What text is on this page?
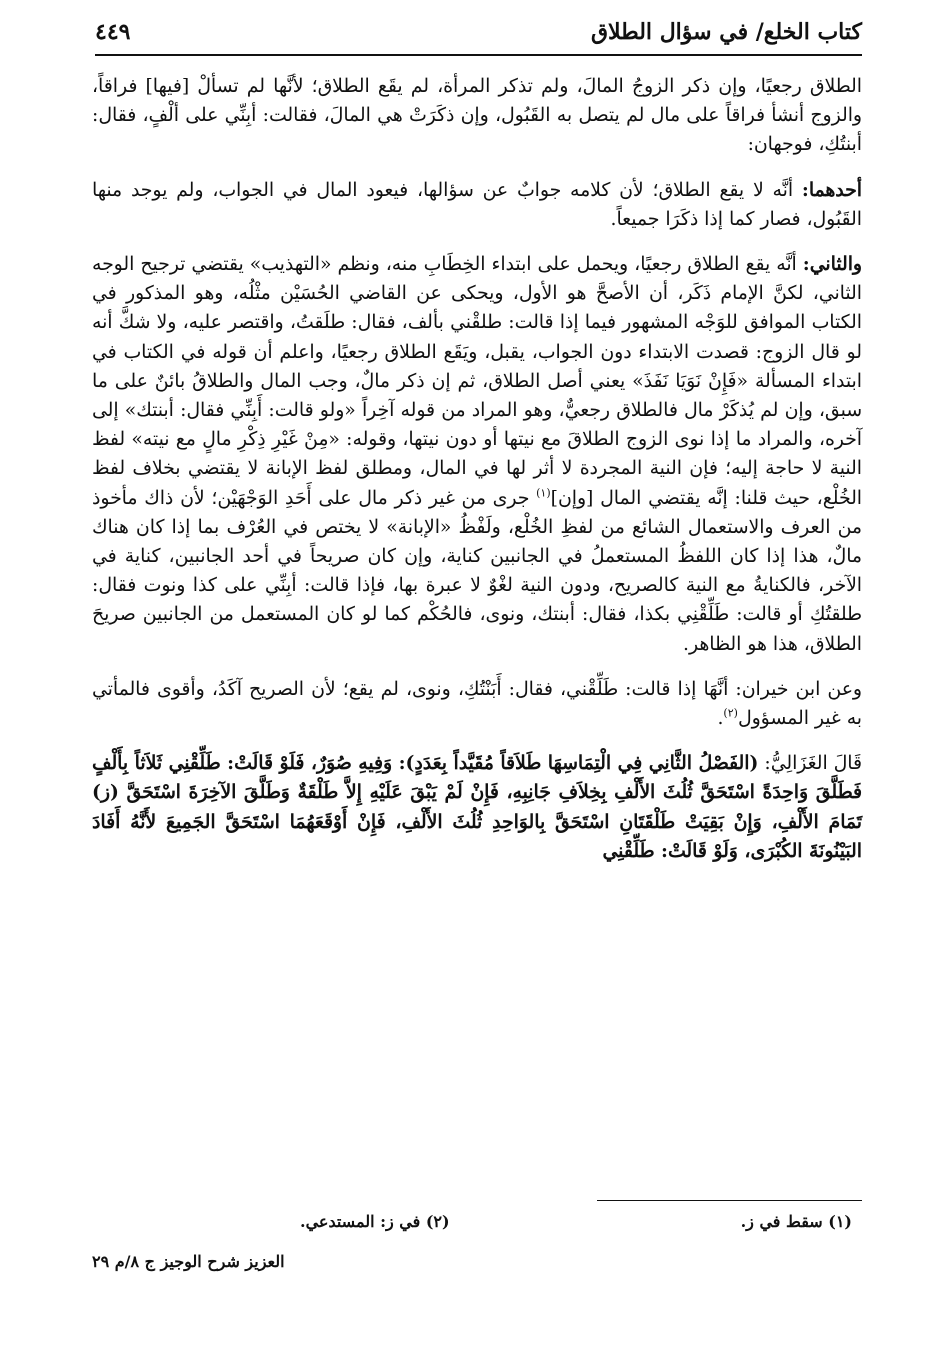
كتاب الخلع/ في سؤال الطلاق
٤٤٩

الطلاق رجعيًا، وإن ذكر الزوجُ المالَ، ولم تذكر المرأة، لم يقَع الطلاق؛ لأنَّها لم تسألْ [فيها] فراقاً، والزوج أنشأ فراقاً على مال لم يتصل به القَبُول، وإن ذكَرَتْ هي المالَ، فقالت: أبِنِّي على ألْفٍ، فقال: أبنتُكِ، فوجهان:

أحدهما: أنَّه لا يقع الطلاق؛ لأن كلامه جوابٌ عن سؤالها، فيعود المال في الجواب، ولم يوجد منها القَبُول، فصار كما إذا ذكَرَا جميعاً.

والثاني: أنَّه يقع الطلاق رجعيًا، ويحمل على ابتداء الخِطَابِ منه، ونظم «التهذيب» يقتضي ترجيح الوجه الثاني، لكنَّ الإمام ذَكَر، أن الأصحَّ هو الأول، ويحكى عن القاضي الحُسَيْن مثْلُه، وهو المذكور في الكتاب الموافق للوَجْه المشهور فيما إذا قالت: طلقْني بألف، فقال: طلَقتُ، واقتصر عليه، ولا شكَّ أنه لو قال الزوج: قصدت الابتداء دون الجواب، يقبل، ويَقَع الطلاق رجعيًا، واعلم أن قوله في الكتاب في ابتداء المسألة «فَإِنْ نَوَيَا نَفَذَ» يعني أصل الطلاق، ثم إن ذكر مالٌ، وجب المال والطلاقُ بائنٌ على ما سبق، وإن لم يُذكَرْ مال فالطلاق رجعيٌّ، وهو المراد من قوله آخِراً «ولو قالت: أَبِنِّي فقال: أبنتك» إلى آخره، والمراد ما إذا نوى الزوج الطلاقَ مع نيتها أو دون نيتها، وقوله: «مِنْ غَيْرِ ذِكْرِ مالٍ مع نيته» لفظ النية لا حاجة إليه؛ فإن النية المجردة لا أثر لها في المال، ومطلق لفظ الإبانة لا يقتضي بخلاف لفظ الخُلْع، حيث قلنا: إنَّه يقتضي المال [وإن]$^{(١)}$ جرى من غير ذكر مال على أَحَدِ الوَجْهَيْن؛ لأن ذاك مأخوذ من العرف والاستعمال الشائع من لفظِ الخُلْع، ولَفْظُ «الإبانة» لا يختص في العُرْف بما إذا كان هناك مالٌ، هذا إذا كان اللفظُ المستعملُ في الجانبين كناية، وإن كان صريحاً في أحد الجانبين، كناية في الآخر، فالكنايةُ مع النية كالصريح، ودون النية لغْوٌ لا عبرة بها، فإذا قالت: أبِنِّي على كذا ونوت فقال: طلقتُكِ أو قالت: طَلِّقْنِي بكذا، فقال: أبنتك، ونوى، فالحُكْم كما لو كان المستعمل من الجانبين صريحَ الطلاق، هذا هو الظاهر.

وعن ابن خيران: أنَّهَا إذا قالت: طَلِّقْني، فقال: أَبَنْتُكِ، ونوى، لم يقع؛ لأن الصريح آكَدُ، وأقوى فالمأتي به غير المسؤول$^{(٢)}$.

قَالَ الغَزَالِيُّ: (الفَصْلُ الثَّانِي فِي الْتِمَاسِهَا طَلاَقاً مُقَيَّداً بِعَدَدٍ): وَفِيهِ صُوَرٌ، فَلَوْ قَالَتْ: طَلِّقْنِي ثَلاَثاً بِأَلْفٍ فَطَلَّقَ وَاحِدَةً اسْتَحَقَّ ثُلُثَ الأَلْفِ بِخِلاَفِ جَانِبِهِ، فَإِنْ لَمْ يَبْقَ عَلَيْهِ إِلاَّ طَلْقَةٌ وَطَلَّقَ الآخِرَةَ اسْتَحَقَّ (ز) تَمَامَ الأَلْفِ، وَإِنْ بَقِيَتْ طَلْقَتَانِ اسْتَحَقَّ بِالوَاحِدِ ثُلُثَ الأَلْفِ، فَإِنْ أَوْقَعَهُمَا اسْتَحَقَّ الجَمِيعَ لأَنَّهُ أَفَادَ البَيْنُونَةَ الكُبْرَى، وَلَوْ قَالَتْ: طَلِّقْنِي

(١) سقط في ز.
(٢) في ز: المستدعي.
العزيز شرح الوجيز ج ٨/م ٢٩
